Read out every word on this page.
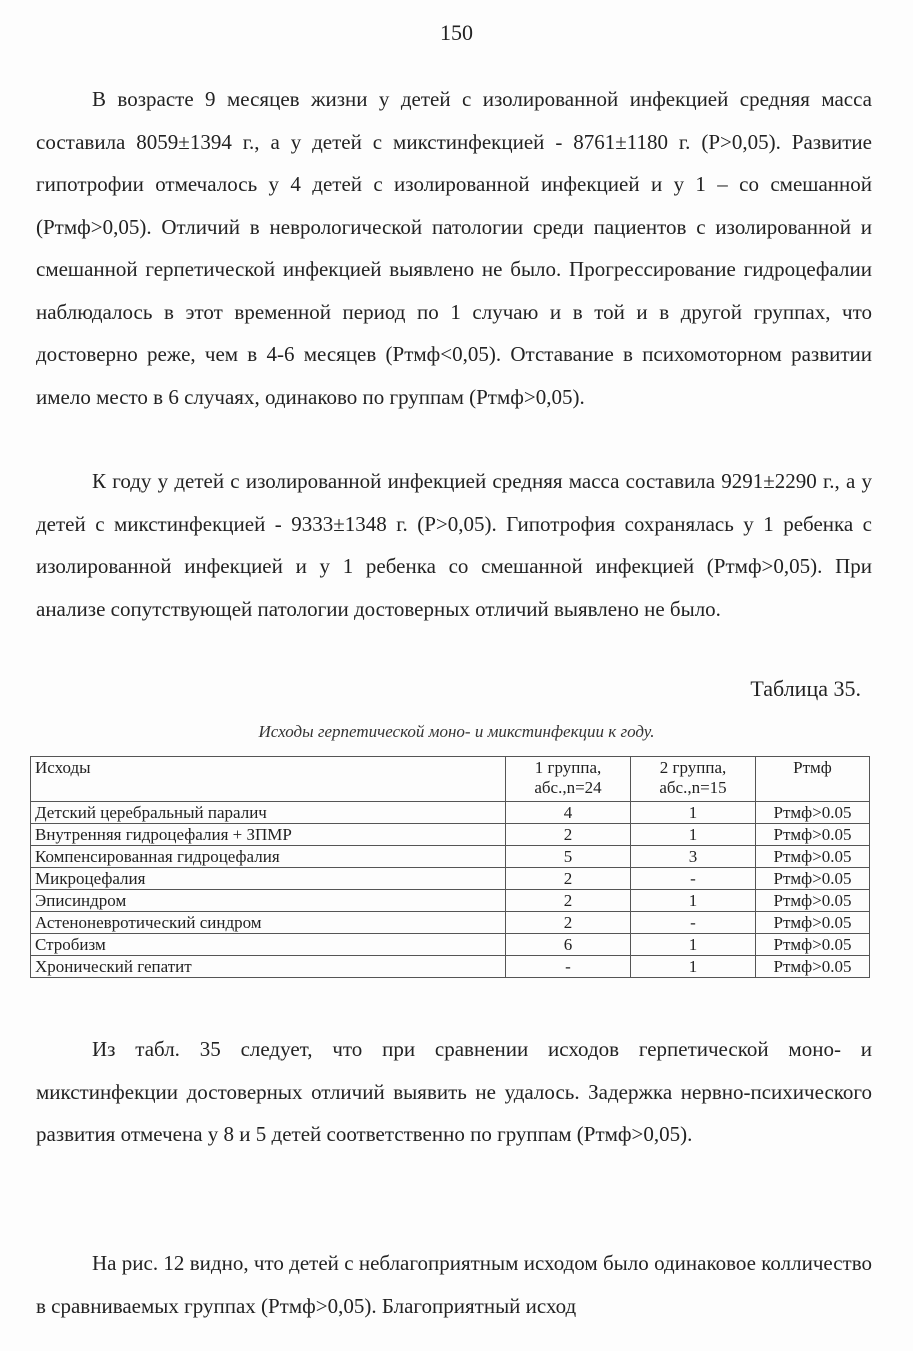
150

В возрасте 9 месяцев жизни у детей с изолированной инфекцией средняя масса составила 8059±1394 г., а у детей с микстинфекцией - 8761±1180 г. (Р>0,05). Развитие гипотрофии отмечалось у 4 детей с изолированной инфекцией и у 1 – со смешанной (Ртмф>0,05). Отличий в неврологической патологии среди пациентов с изолированной и смешанной герпетической инфекцией выявлено не было. Прогрессирование гидроцефалии наблюдалось в этот временной период по 1 случаю и в той и в другой группах, что достоверно реже, чем в 4-6 месяцев (Ртмф<0,05). Отставание в психомоторном развитии имело место в 6 случаях, одинаково по группам (Ртмф>0,05).

К году у детей с изолированной инфекцией средняя масса составила 9291±2290 г., а у детей с микстинфекцией - 9333±1348 г. (Р>0,05). Гипотрофия сохранялась у 1 ребенка с изолированной инфекцией и у 1 ребенка со смешанной инфекцией (Ртмф>0,05). При анализе сопутствующей патологии достоверных отличий выявлено не было.

Таблица 35.
Исходы герпетической моно- и микстинфекции к году.
Исходы	1 группа, абс.,n=24	2 группа, абс.,n=15	Ртмф
Детский церебральный паралич	4	1	Ртмф>0.05
Внутренняя гидроцефалия + ЗПМР	2	1	Ртмф>0.05
Компенсированная гидроцефалия	5	3	Ртмф>0.05
Микроцефалия	2	-	Ртмф>0.05
Эписиндром	2	1	Ртмф>0.05
Астеноневротический синдром	2	-	Ртмф>0.05
Стробизм	6	1	Ртмф>0.05
Хронический гепатит	-	1	Ртмф>0.05

Из табл. 35 следует, что при сравнении исходов герпетической моно- и микстинфекции достоверных отличий выявить не удалось. Задержка нервно-психического развития отмечена у 8 и 5 детей соответственно по группам (Ртмф>0,05).

На рис. 12 видно, что детей с неблагоприятным исходом было одинаковое колличество в сравниваемых группах (Ртмф>0,05). Благоприятный исход
